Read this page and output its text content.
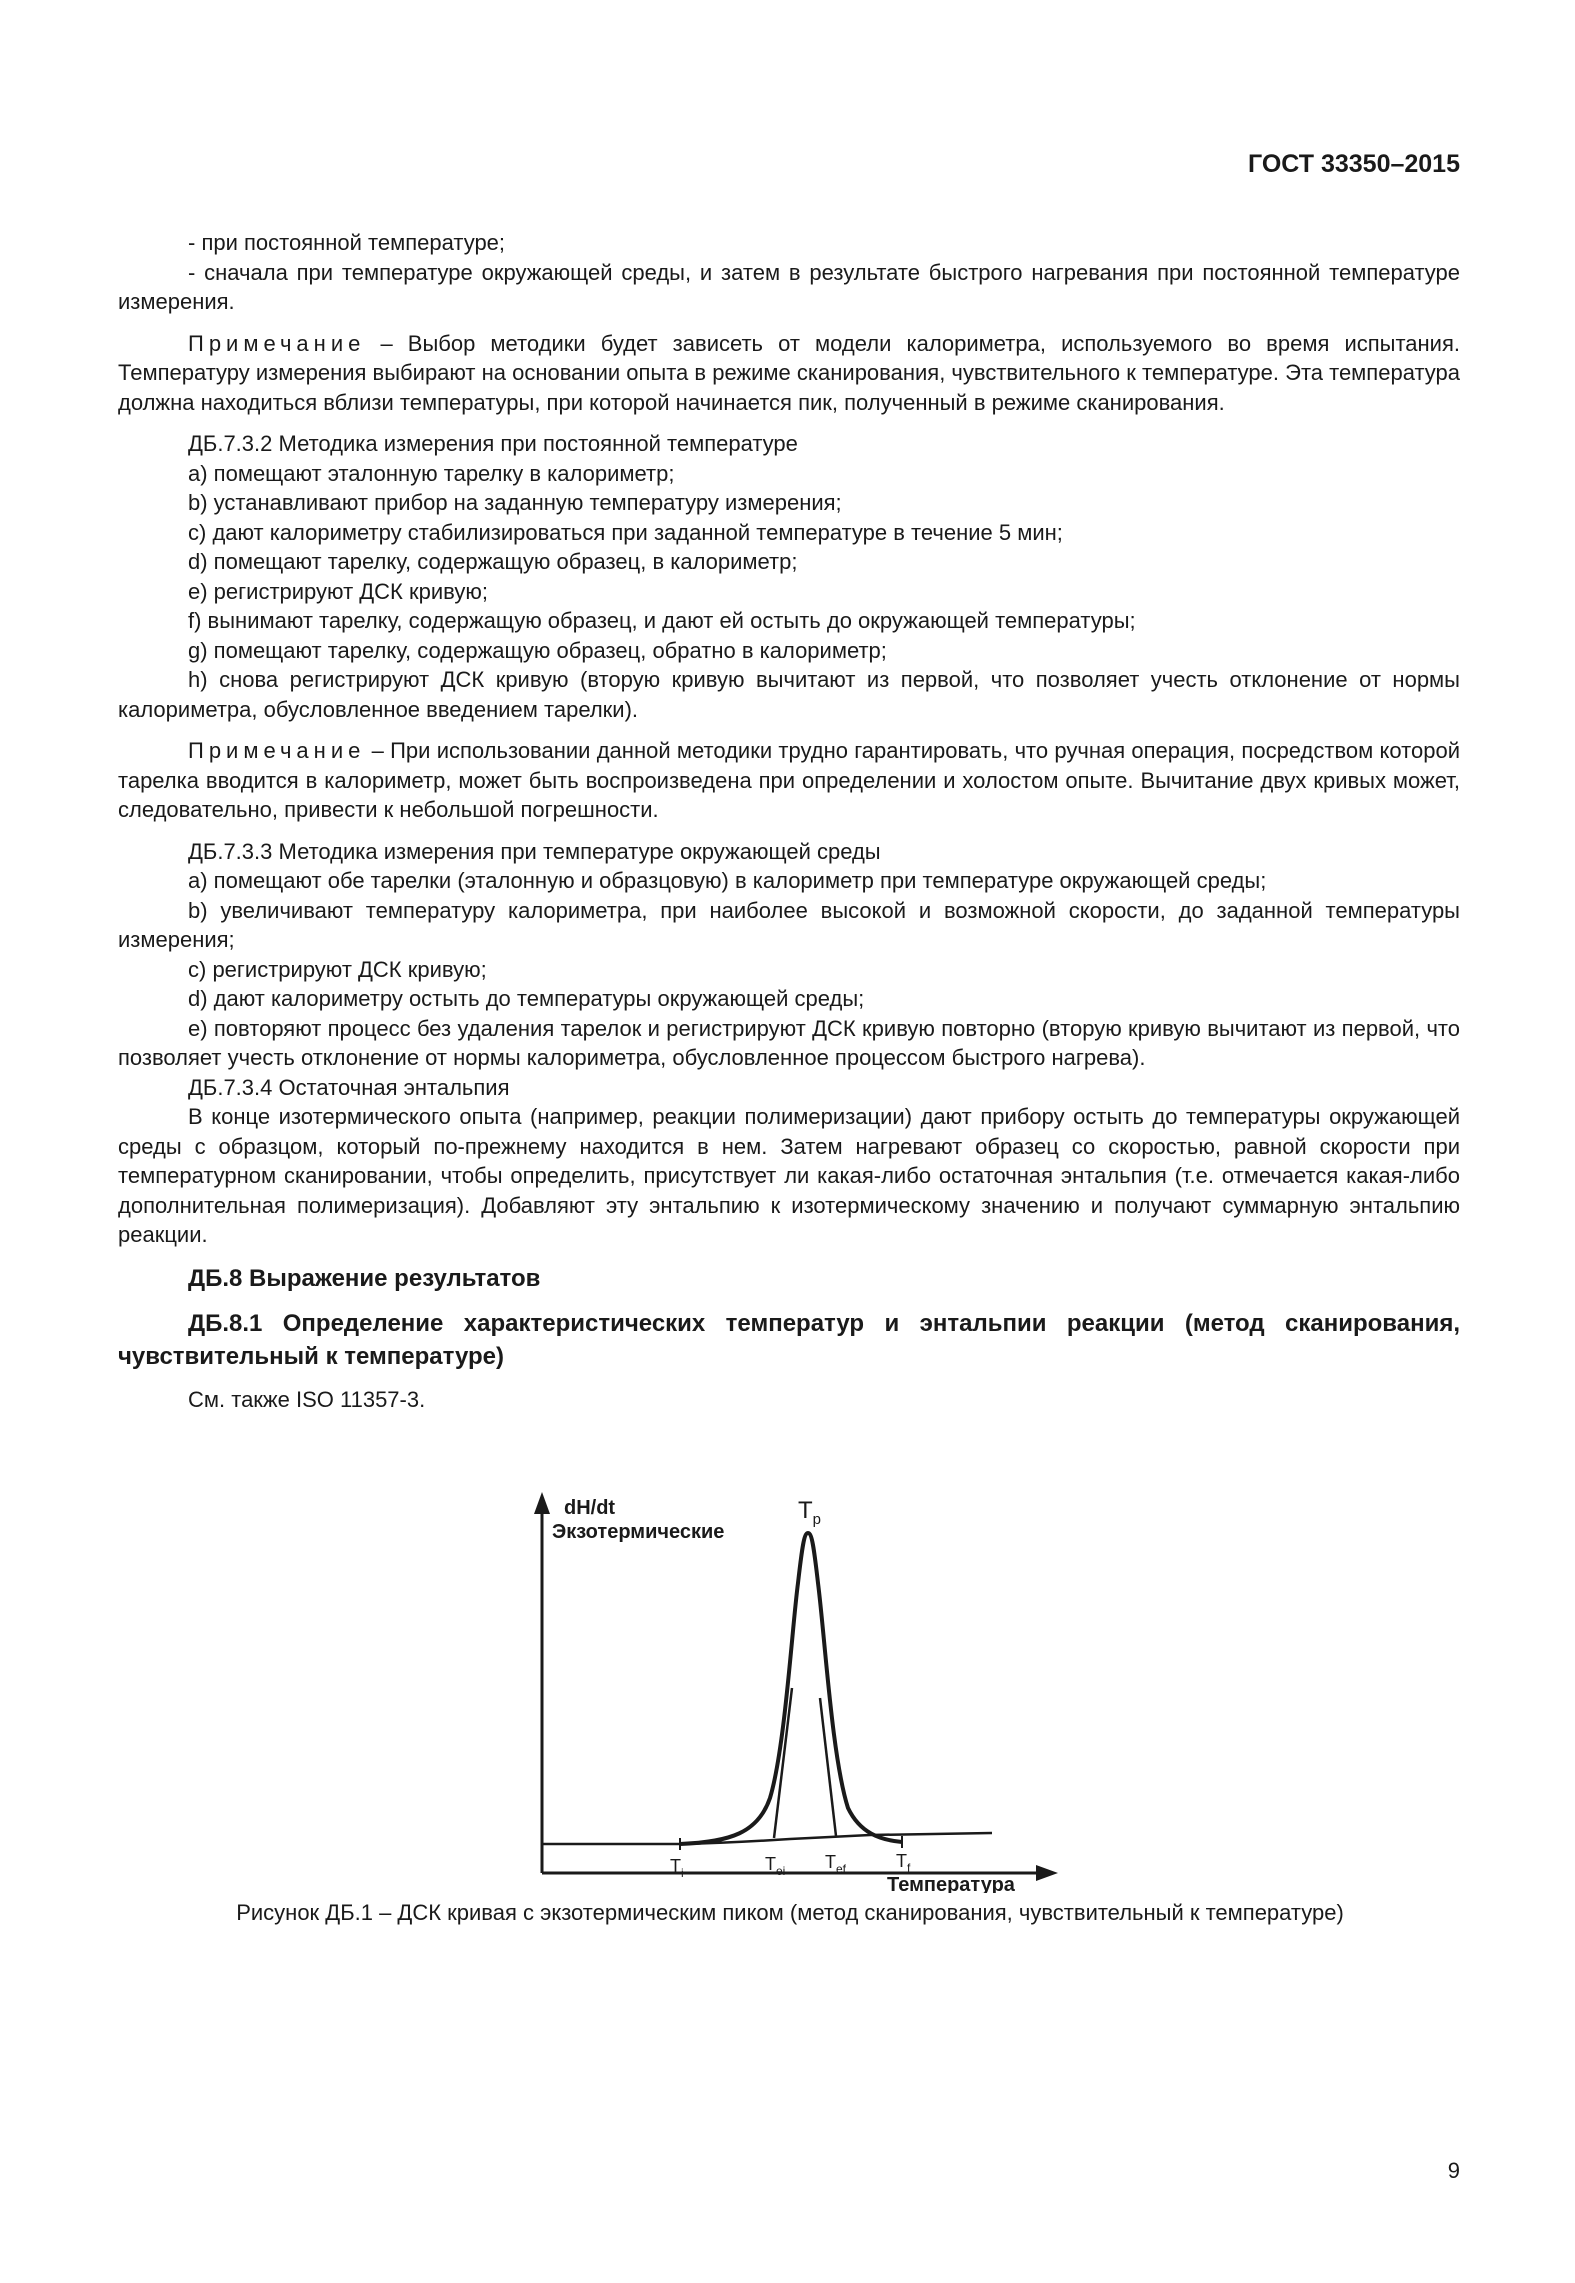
ГОСТ 33350–2015

- при постоянной температуре;

- сначала при температуре окружающей среды, и затем в результате быстрого нагревания при постоянной температуре измерения.

Примечание – Выбор методики будет зависеть от модели калориметра, используемого во время испытания. Температуру измерения выбирают на основании опыта в режиме сканирования, чувствительного к температуре. Эта температура должна находиться вблизи температуры, при которой начинается пик, полученный в режиме сканирования.

ДБ.7.3.2 Методика измерения при постоянной температуре

a) помещают эталонную тарелку в калориметр;

b) устанавливают прибор на заданную температуру измерения;

c) дают калориметру стабилизироваться при заданной температуре в течение 5 мин;

d) помещают тарелку, содержащую образец, в калориметр;

e) регистрируют ДСК кривую;

f) вынимают тарелку, содержащую образец, и дают ей остыть до окружающей температуры;

g) помещают тарелку, содержащую образец, обратно в калориметр;

h) снова регистрируют ДСК кривую (вторую кривую вычитают из первой, что позволяет учесть отклонение от нормы калориметра, обусловленное введением тарелки).

Примечание – При использовании данной методики трудно гарантировать, что ручная операция, посредством которой тарелка вводится в калориметр, может быть воспроизведена при определении и холостом опыте. Вычитание двух кривых может, следовательно, привести к небольшой погрешности.

ДБ.7.3.3 Методика измерения при температуре окружающей среды

a) помещают обе тарелки (эталонную и образцовую) в калориметр при температуре окружающей среды;

b) увеличивают температуру калориметра, при наиболее высокой и возможной скорости, до заданной температуры измерения;

c) регистрируют ДСК кривую;

d) дают калориметру остыть до температуры окружающей среды;

e) повторяют процесс без удаления тарелок и регистрируют ДСК кривую повторно (вторую кривую вычитают из первой, что позволяет учесть отклонение от нормы калориметра, обусловленное процессом быстрого нагрева).

ДБ.7.3.4 Остаточная энтальпия

В конце изотермического опыта (например, реакции полимеризации) дают прибору остыть до температуры окружающей среды с образцом, который по-прежнему находится в нем. Затем нагревают образец со скоростью, равной скорости при температурном сканировании, чтобы определить, присутствует ли какая-либо остаточная энтальпия (т.е. отмечается какая-либо дополнительная полимеризация). Добавляют эту энтальпию к изотермическому значению и получают суммарную энтальпию реакции.

ДБ.8 Выражение результатов

ДБ.8.1 Определение характеристических температур и энтальпии реакции (метод сканирования, чувствительный к температуре)

См. также ISO 11357-3.

dH/dt
Экзотермические
$T_p$
$T_i$	$T_{ei}$ $T_{ef}$	$T_f$
Температура
Рисунок ДБ.1 – ДСК кривая с экзотермическим пиком (метод сканирования, чувствительный к температуре)
9
